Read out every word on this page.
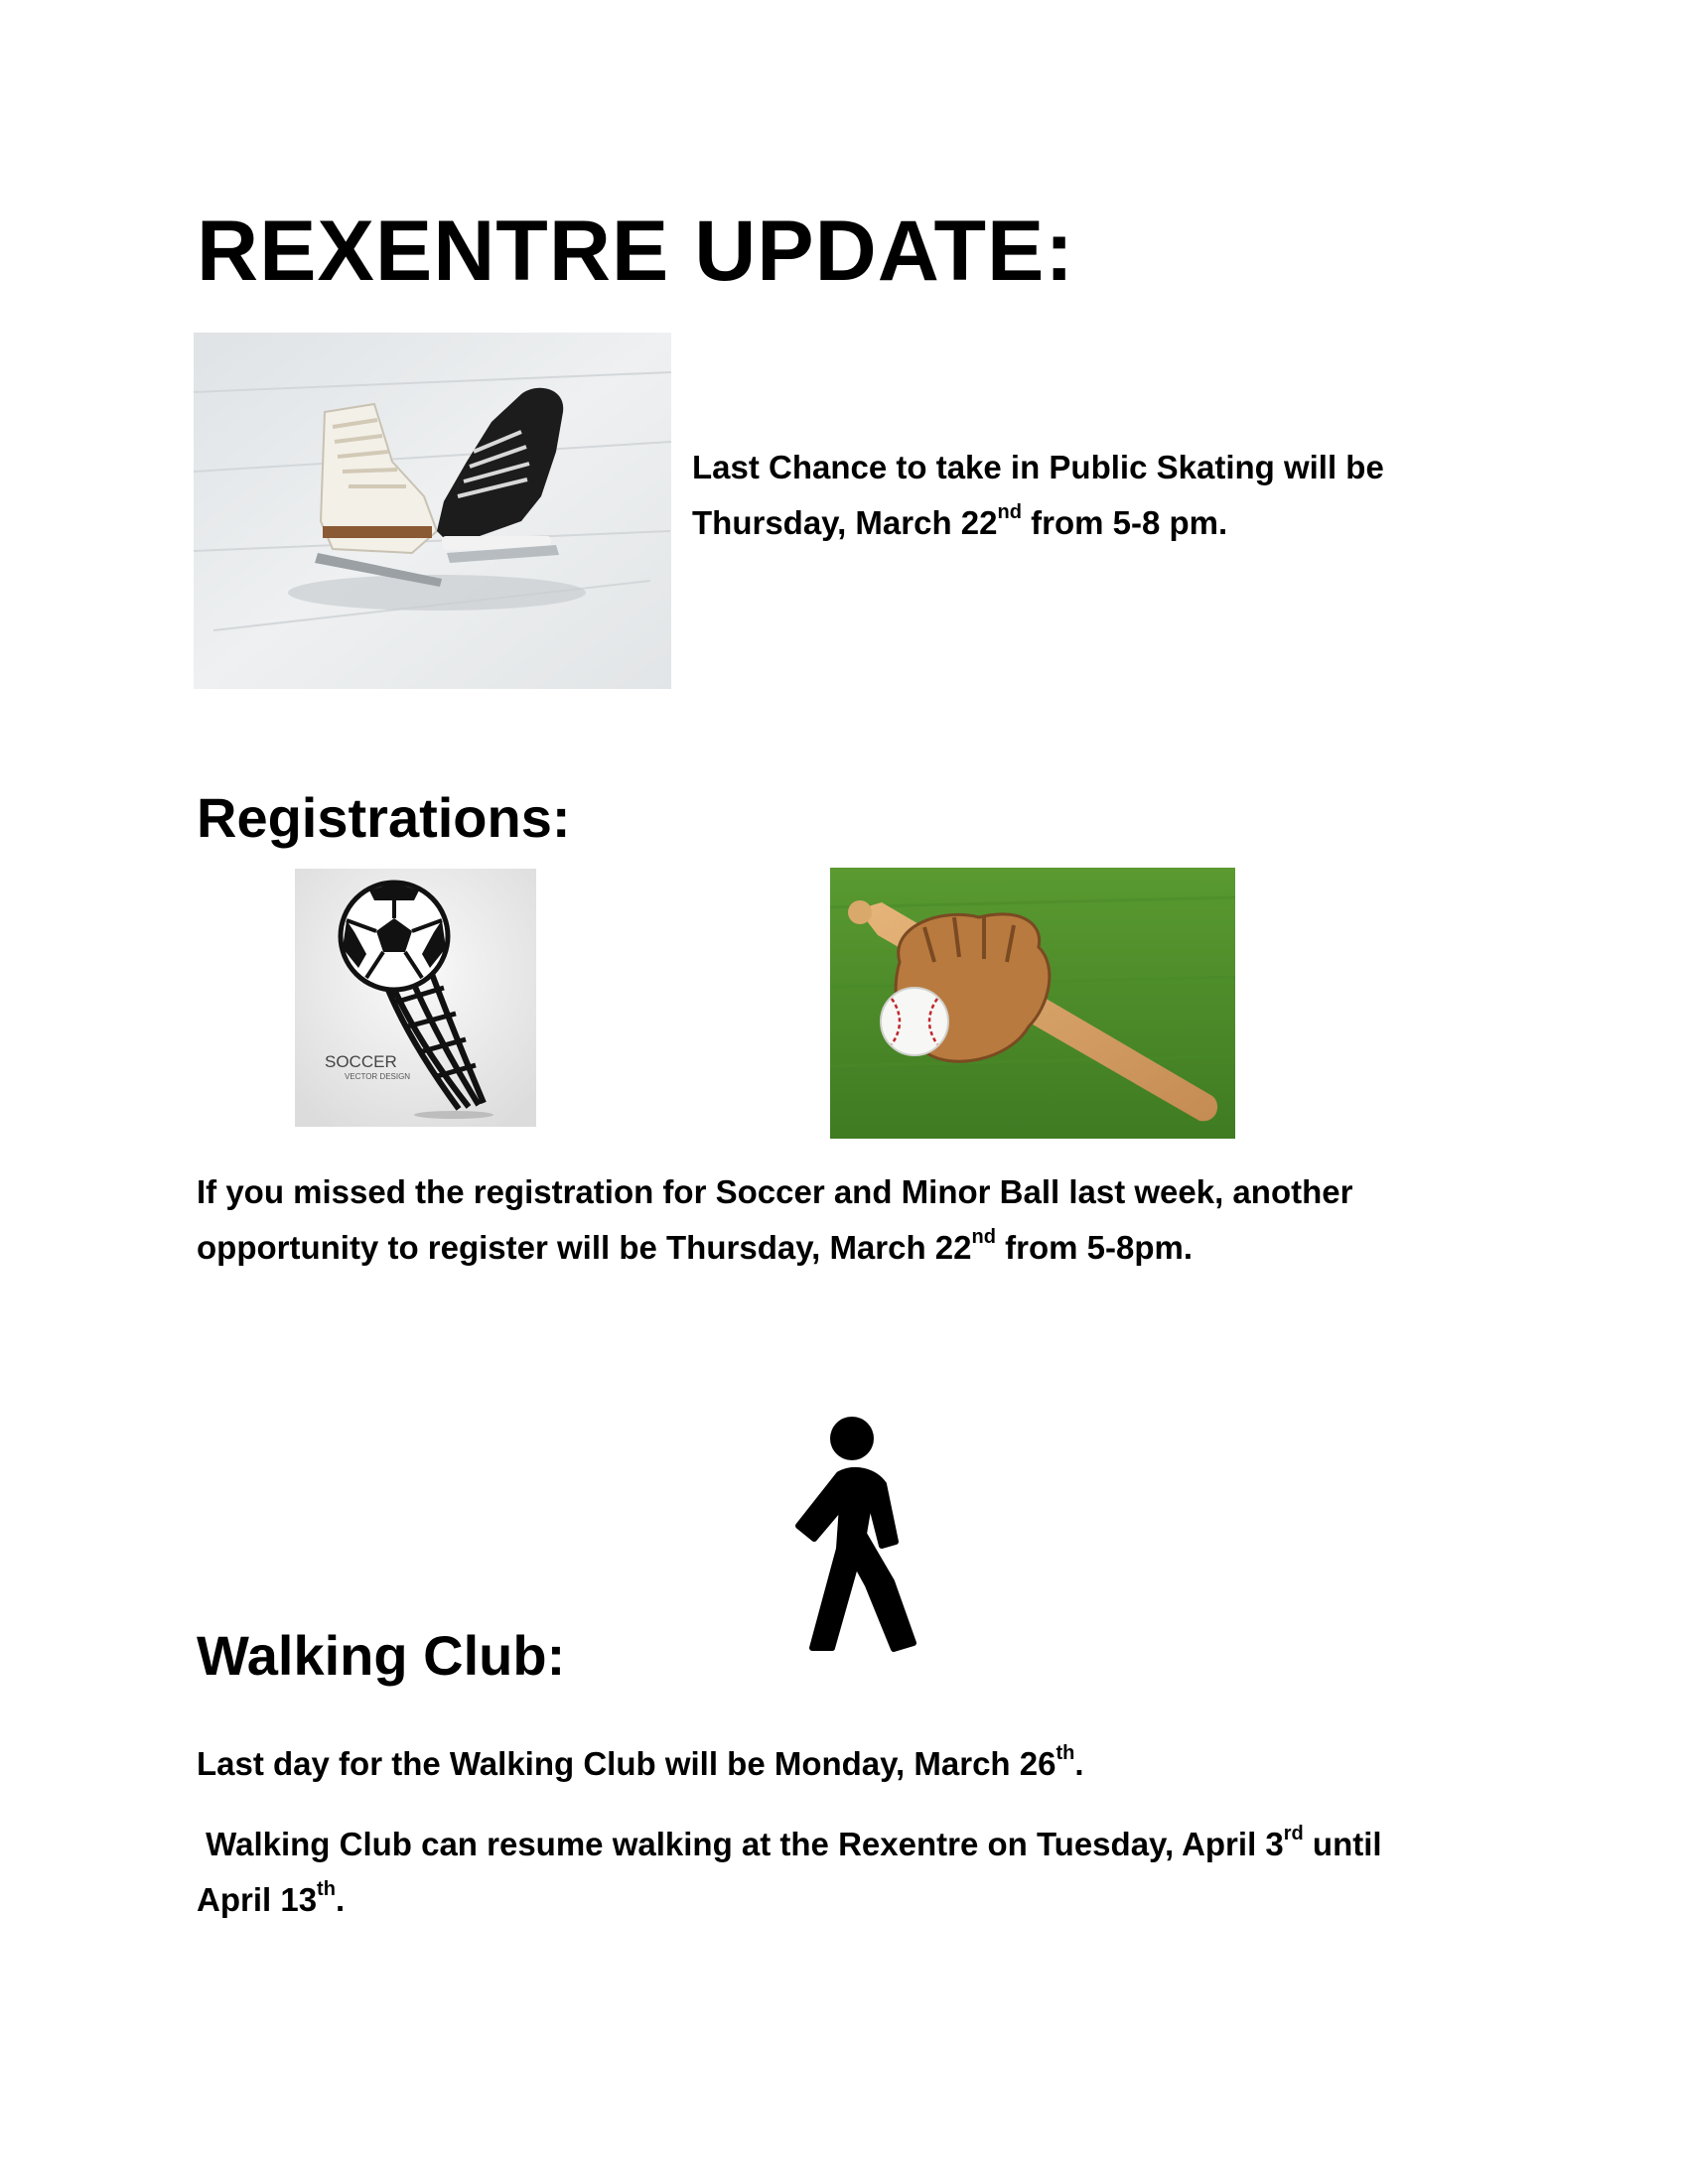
REXENTRE UPDATE:
Last Chance to take in Public Skating will be
Thursday, March 22nd from 5-8 pm.
Registrations:
SOCCER
VECTOR DESIGN
If you missed the registration for Soccer and Minor Ball last week, another
opportunity to register will be Thursday, March 22nd from 5-8pm.
Walking Club:
Last day for the Walking Club will be Monday, March 26th.
Walking Club can resume walking at the Rexentre on Tuesday, April 3rd until
April 13th.
